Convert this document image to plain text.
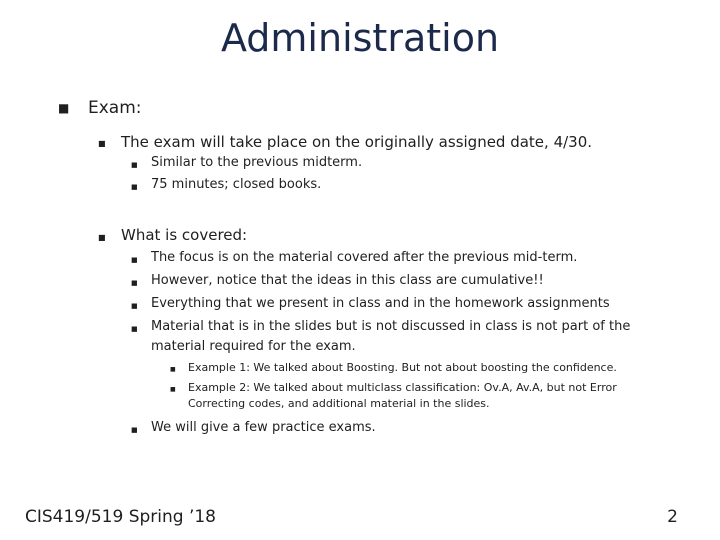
Administration
■ Exam:
■ The exam will take place on the originally assigned date, 4/30.
■ Similar to the previous midterm.
■ 75 minutes; closed books.
■ What is covered:
■ The focus is on the material covered after the previous mid-term.
■ However, notice that the ideas in this class are cumulative!!
■ Everything that we present in class and in the homework assignments
■ Material that is in the slides but is not discussed in class is not part of the
material required for the exam.
■ Example 1: We talked about Boosting. But not about boosting the confidence.
■ Example 2: We talked about multiclass classification: Ov.A, Av.A, but not Error
Correcting codes, and additional material in the slides.
■ We will give a few practice exams.
CIS419/519 Spring ’18	2
